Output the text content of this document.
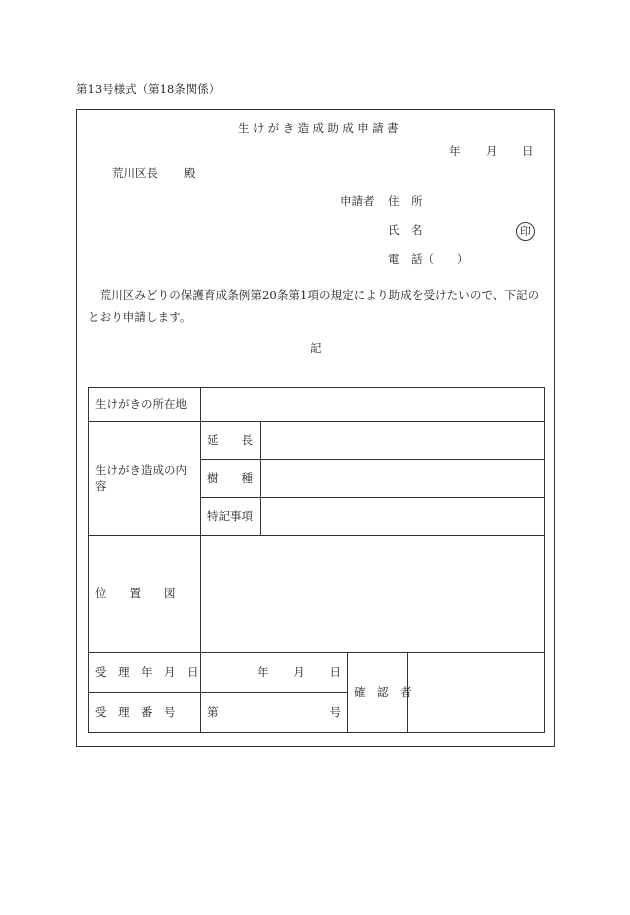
第13号様式（第18条関係）
生けがき造成助成申請書
年 月 日
荒川区長 殿
申請者 住　所
氏　名	印
電　話（　　）
　荒川区みどりの保護育成条例第20条第1項の規定により助成を受けたいので、下記のとおり申請します。
記
生けがきの所在地				
生けがき造成の内容	延　　長			
	樹　　種			
	特記事項			
位　　置　　図				
受　理　年　月　日	年 月 日		確　認　者	
受　理　番　号	第 号			
